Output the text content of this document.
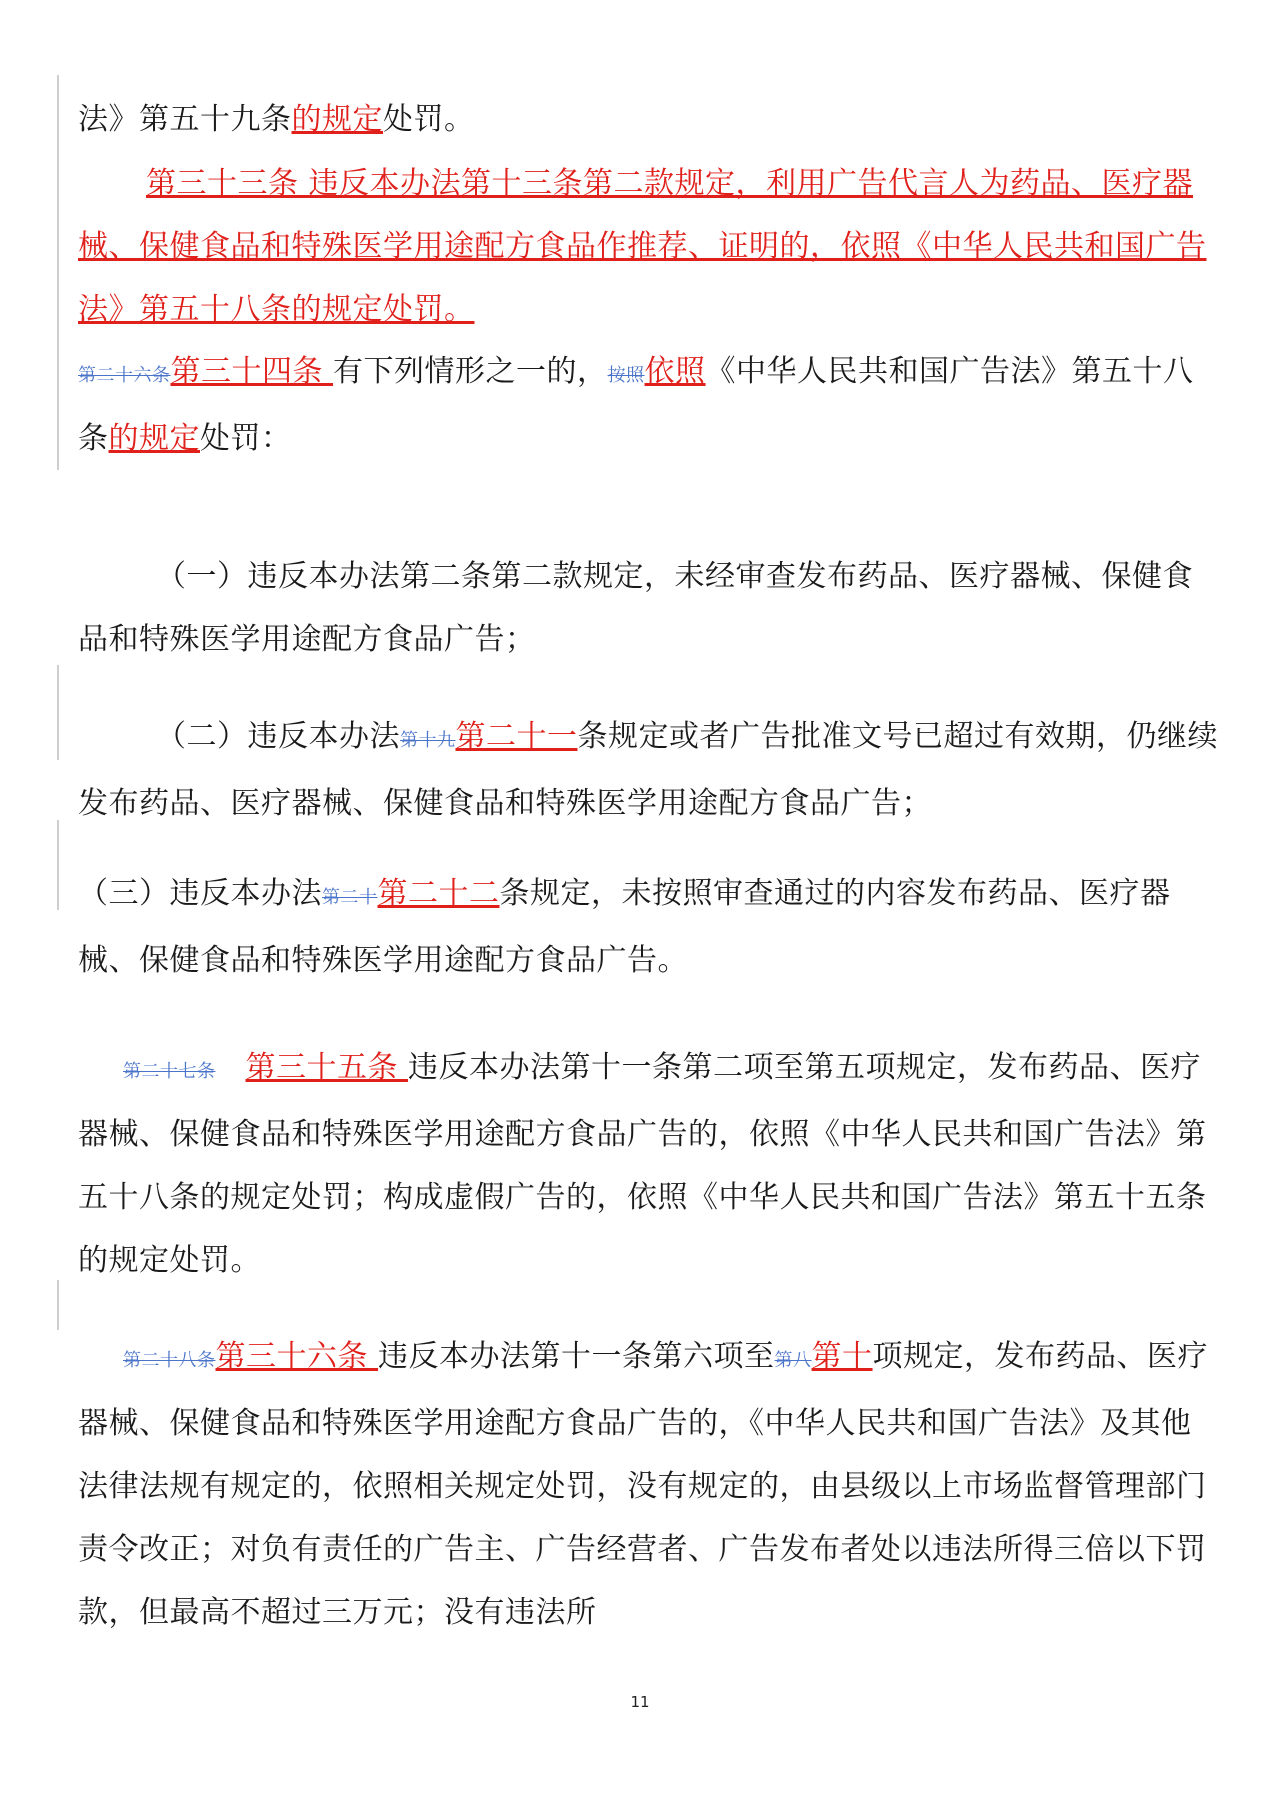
法》第五十九条的规定处罚。
第三十三条 违反本办法第十三条第二款规定，利用广告代言人为药品、医疗器械、保健食品和特殊医学用途配方食品作推荐、证明的，依照《中华人民共和国广告法》第五十八条的规定处罚。
第二十六条第三十四条 有下列情形之一的，按照依照《中华人民共和国广告法》第五十八条的规定处罚：
（一）违反本办法第二条第二款规定，未经审查发布药品、医疗器械、保健食品和特殊医学用途配方食品广告；
（二）违反本办法第十九第二十一条规定或者广告批准文号已超过有效期，仍继续发布药品、医疗器械、保健食品和特殊医学用途配方食品广告；
（三）违反本办法第二十第二十二条规定，未按照审查通过的内容发布药品、医疗器械、保健食品和特殊医学用途配方食品广告。
第二十七条 第三十五条 违反本办法第十一条第二项至第五项规定，发布药品、医疗器械、保健食品和特殊医学用途配方食品广告的，依照《中华人民共和国广告法》第五十八条的规定处罚；构成虚假广告的，依照《中华人民共和国广告法》第五十五条的规定处罚。
第二十八条第三十六条 违反本办法第十一条第六项至第八第十项规定，发布药品、医疗器械、保健食品和特殊医学用途配方食品广告的，《中华人民共和国广告法》及其他法律法规有规定的，依照相关规定处罚，没有规定的，由县级以上市场监督管理部门责令改正；对负有责任的广告主、广告经营者、广告发布者处以违法所得三倍以下罚款，但最高不超过三万元；没有违法所
11
